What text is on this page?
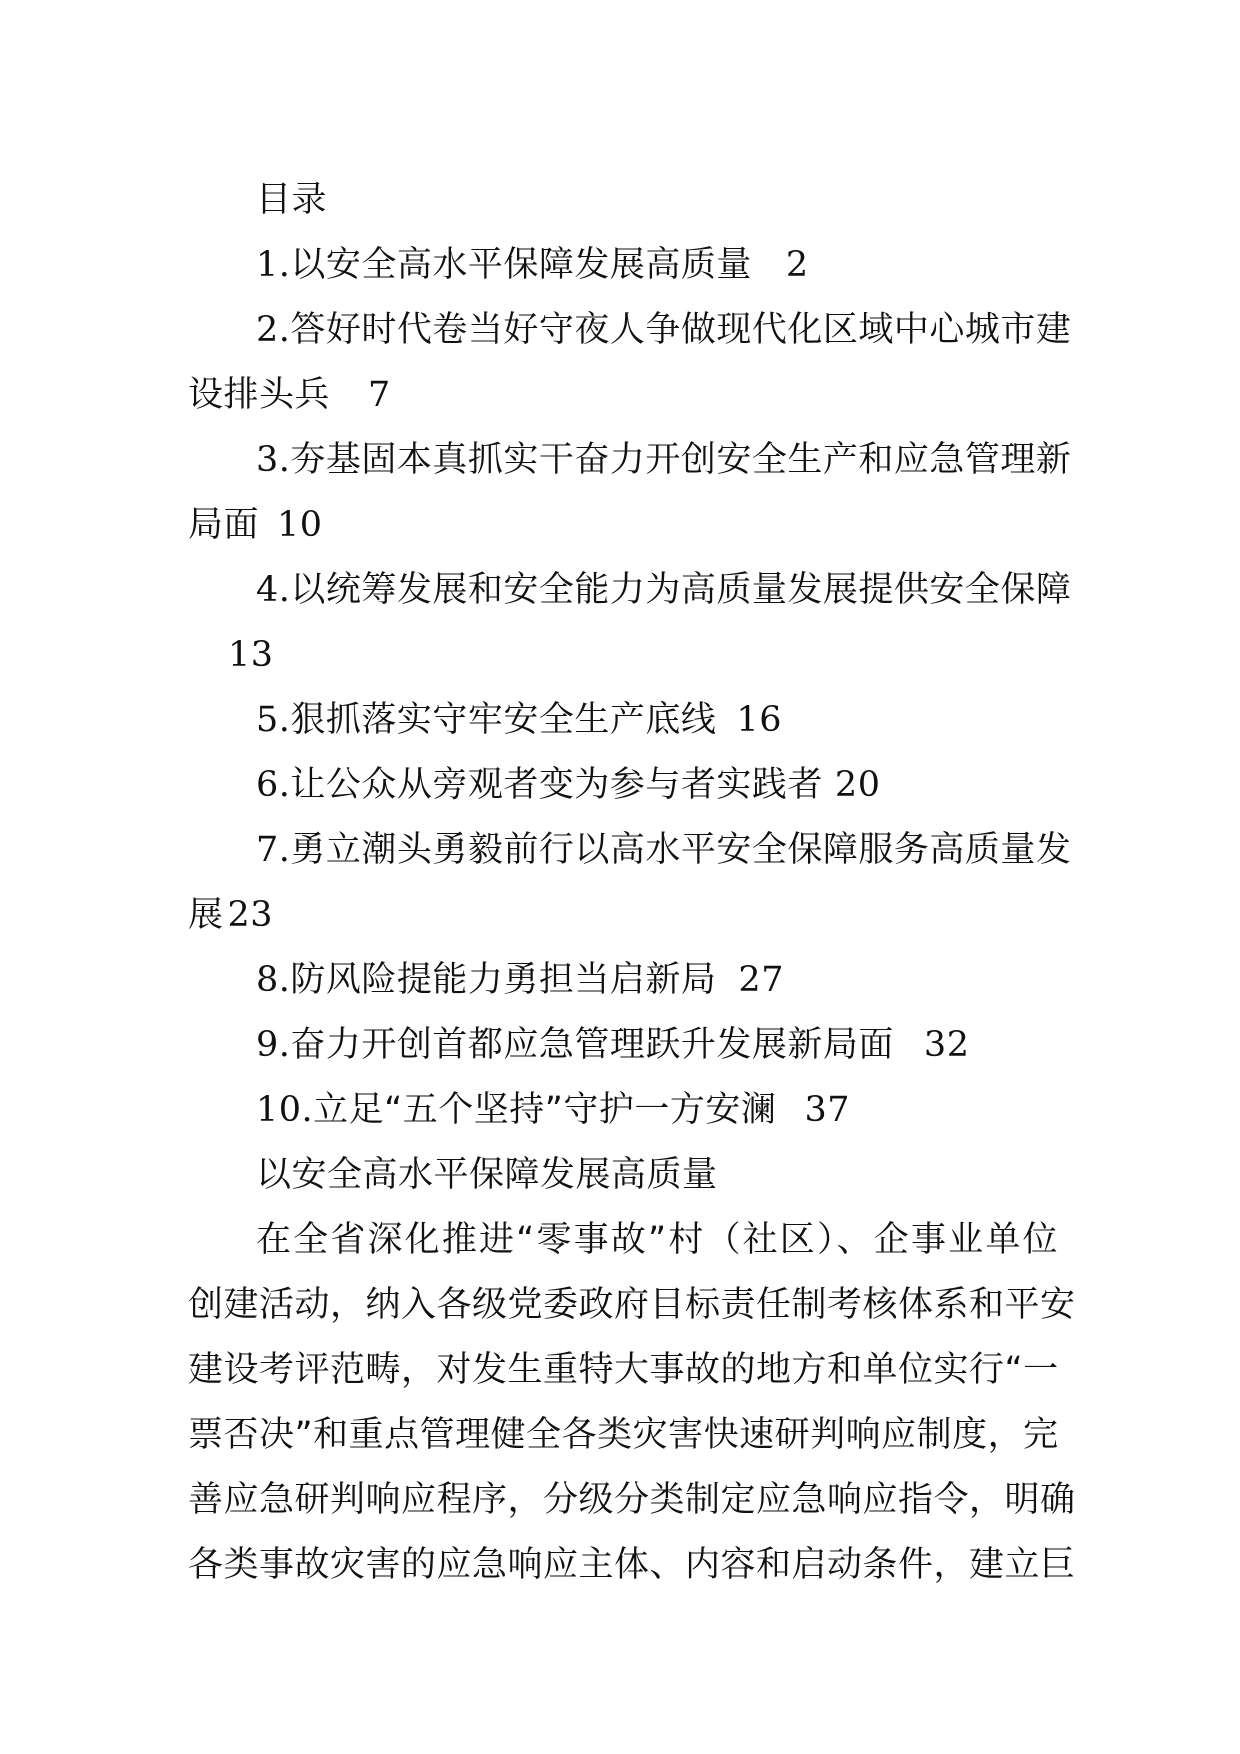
目录
1.以安全高水平保障发展高质量 2
2.答好时代卷当好守夜人争做现代化区域中心城市建
设排头兵 7
3.夯基固本真抓实干奋力开创安全生产和应急管理新
局面 10
4.以统筹发展和安全能力为高质量发展提供安全保障
13
5.狠抓落实守牢安全生产底线 16
6.让公众从旁观者变为参与者实践者 20
7.勇立潮头勇毅前行以高水平安全保障服务高质量发
展 23
8.防风险提能力勇担当启新局 27
9.奋力开创首都应急管理跃升发展新局面 32
10.立足“五个坚持”守护一方安澜 37
以安全高水平保障发展高质量
在全省深化推进“零事故”村（社区）、企事业单位
创建活动，纳入各级党委政府目标责任制考核体系和平安
建设考评范畴，对发生重特大事故的地方和单位实行“一
票否决”和重点管理健全各类灾害快速研判响应制度，完
善应急研判响应程序，分级分类制定应急响应指令，明确
各类事故灾害的应急响应主体、内容和启动条件，建立巨
